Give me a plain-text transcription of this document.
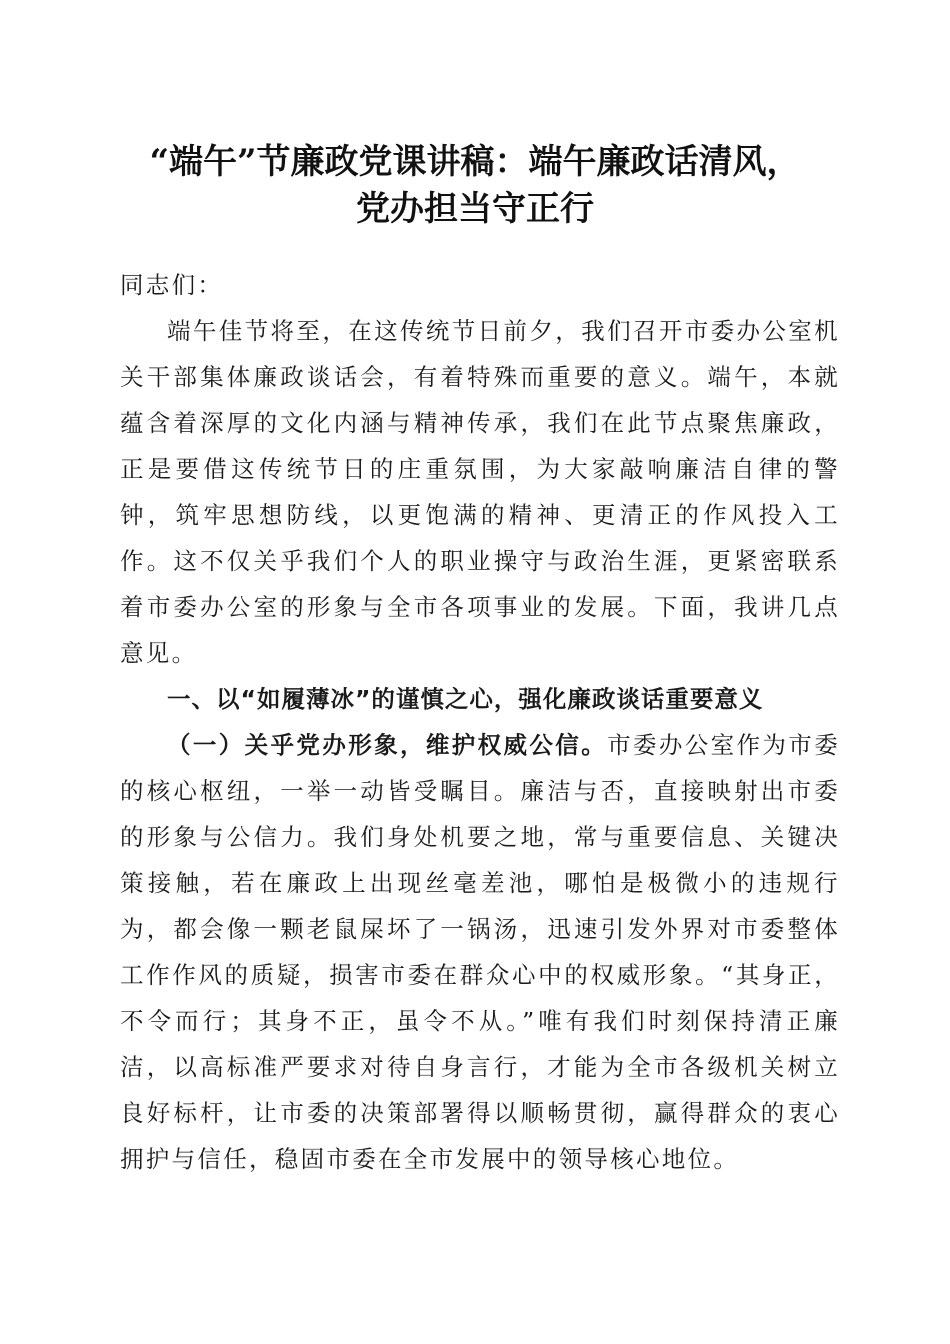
“端午”节廉政党课讲稿：端午廉政话清风，
党办担当守正行

同志们：

端午佳节将至，在这传统节日前夕，我们召开市委办公室机关干部集体廉政谈话会，有着特殊而重要的意义。端午，本就蕴含着深厚的文化内涵与精神传承，我们在此节点聚焦廉政，正是要借这传统节日的庄重氛围，为大家敲响廉洁自律的警钟，筑牢思想防线，以更饱满的精神、更清正的作风投入工作。这不仅关乎我们个人的职业操守与政治生涯，更紧密联系着市委办公室的形象与全市各项事业的发展。下面，我讲几点意见。

一、以“如履薄冰”的谨慎之心，强化廉政谈话重要意义

（一）关乎党办形象，维护权威公信。市委办公室作为市委的核心枢纽，一举一动皆受瞩目。廉洁与否，直接映射出市委的形象与公信力。我们身处机要之地，常与重要信息、关键决策接触，若在廉政上出现丝毫差池，哪怕是极微小的违规行为，都会像一颗老鼠屎坏了一锅汤，迅速引发外界对市委整体工作作风的质疑，损害市委在群众心中的权威形象。“其身正，不令而行；其身不正，虽令不从。”唯有我们时刻保持清正廉洁，以高标准严要求对待自身言行，才能为全市各级机关树立良好标杆，让市委的决策部署得以顺畅贯彻，赢得群众的衷心拥护与信任，稳固市委在全市发展中的领导核心地位。
